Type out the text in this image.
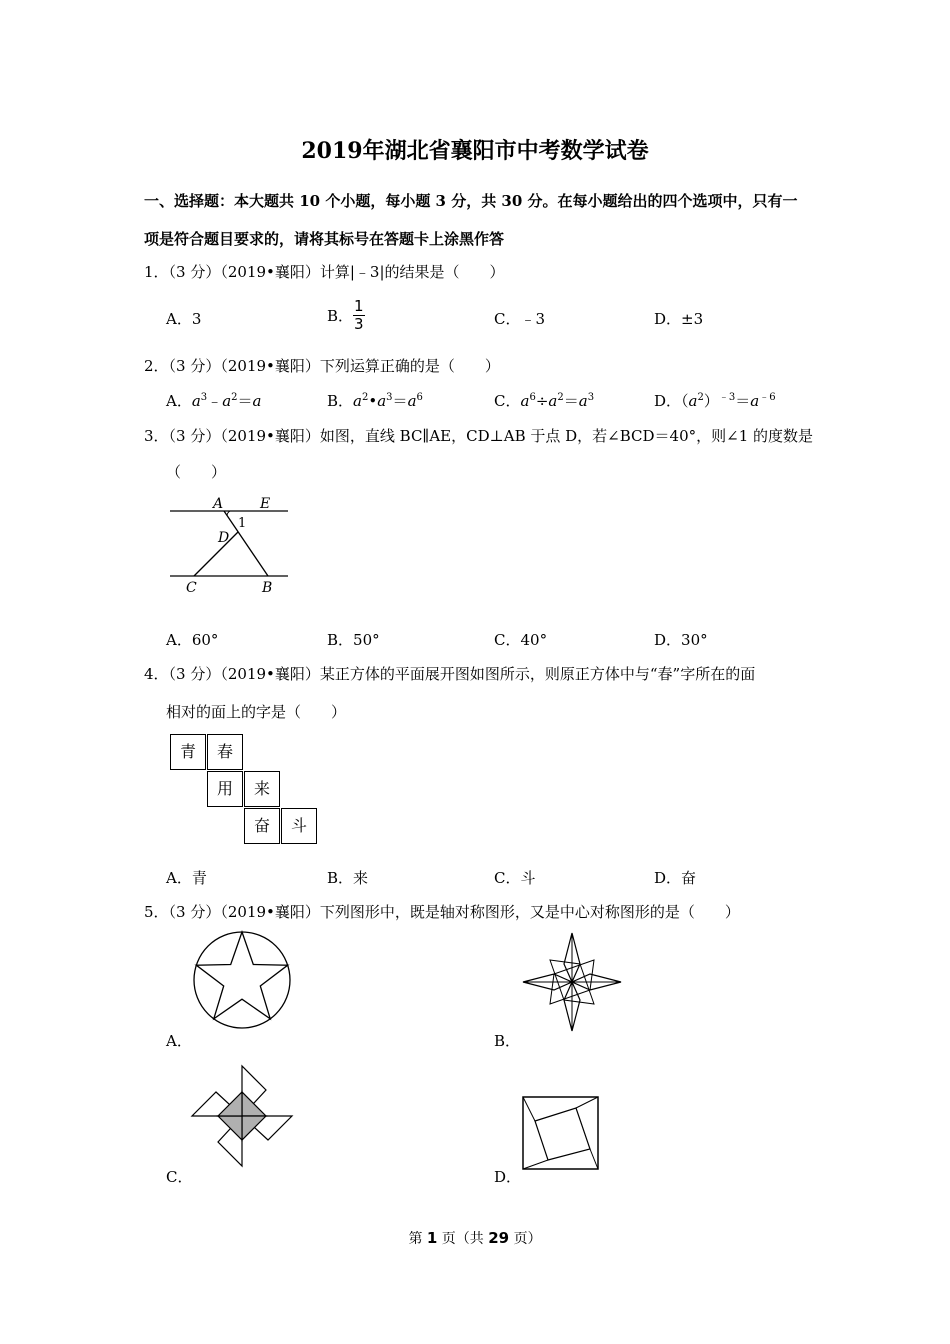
2019年湖北省襄阳市中考数学试卷
一、选择题：本大题共 10 个小题，每小题 3 分，共 30 分。在每小题给出的四个选项中，只有一
项是符合题目要求的，请将其标号在答题卡上涂黑作答
1．（3 分）（2019•襄阳）计算|﹣3|的结果是（　　）
A．3	B． $\frac{1}{3}$	C．﹣3	D．±3
2．（3 分）（2019•襄阳）下列运算正确的是（　　）
A．$a^3﹣a^2=a$	B．$a^2•a^3=a^6$	C．$a^6\div a^2=a^3$	D．$(a^2)^{﹣3}=a^{﹣6}$
3．（3 分）（2019•襄阳）如图，直线 BC∥AE，CD⊥AB 于点 D，若∠BCD＝40°，则∠1 的度数是
（　　）
A	E
1
D
C	B
A．60°	B．50°	C．40°	D．30°
4．（3 分）（2019•襄阳）某正方体的平面展开图如图所示，则原正方体中与“春”字所在的面
相对的面上的字是（　　）
青	春
用	来
奋	斗
A．青	B．来	C．斗	D．奋
5．（3 分）（2019•襄阳）下列图形中，既是轴对称图形，又是中心对称图形的是（　　）
A．	B．
C．	D．
第 1 页（共 29 页）
